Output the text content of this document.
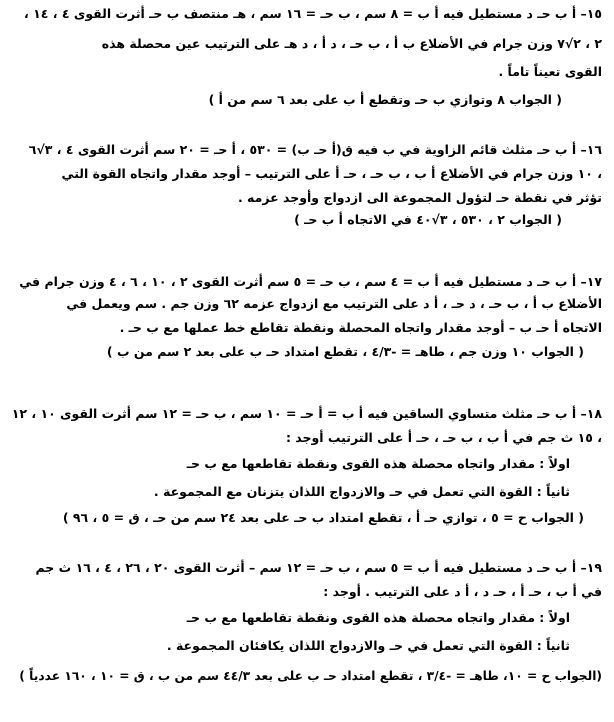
١٥– أ ب حـ د مستطيل فيه أ ب = ٨ سم ، ب حـ = ١٦ سم ، هـ منتصف ب حـ أثرت القوى ٤ ، ١٤ ،
٢ ، ٢√٧ وزن جرام في الأضلاع ب أ ، ب حـ ، د أ ، د هـ على الترتيب عين محصلة هذه
القوى تعيناً تاماً .
( الجواب ٨ وتوازي ب حـ وتقطع أ ب على بعد ٦ سم من أ )
١٦– أ ب حـ مثلث قائم الزاوية في ب فيه ق(أ حـ ب) = ٥٣٠ ، أ حـ = ٢٠ سم أثرت القوى ٤ ، ٣√٦
، ١٠ وزن جرام في الأضلاع أ ب ، ب حـ ، حـ أ على الترتيب – أوجد مقدار واتجاه القوة التي
تؤثر في نقطة حـ لتؤول المجموعة الى ازدواج وأوجد عزمه .
( الجواب ٢ ، ٥٣٠ ، ٣√٤٠ في الاتجاه أ ب حـ )
١٧– أ ب حـ د مستطيل فيه أ ب = ٤ سم ، ب حـ = ٥ سم أثرت القوى ٢ ، ١٠ ، ٦ ، ٤ وزن جرام في
الأضلاع ب أ ، ب حـ ، د حـ ، أ د على الترتيب مع ازدواج عزمه ٦٢ وزن جم . سم ويعمل في
الاتجاه أ حـ ب – أوجد مقدار واتجاه المحصلة ونقطة تقاطع خط عملها مع ب حـ .
( الجواب ١٠ وزن جم ، طاهـ = -٤/٣ ، تقطع امتداد حـ ب على بعد ٢ سم من ب )
١٨– أ ب حـ مثلث متساوي الساقين فيه أ ب = أ حـ = ١٠ سم ، ب حـ = ١٢ سم أثرت القوى ١٠ ، ١٢
، ١٥ ث جم في أ ب ، ب حـ ، حـ أ على الترتيب أوجد :
اولاً : مقدار واتجاه محصلة هذه القوى ونقطة تقاطعها مع ب حـ
ثانياً : القوة التي تعمل في حـ والازدواج اللذان يتزنان مع المجموعة .
( الجواب ح = ٥ ، توازي حـ أ ، تقطع امتداد ب حـ على بعد ٢٤ سم من حـ ، ق = ٥ ، ٩٦ )
١٩– أ ب حـ د مستطيل فيه أ ب = ٥ سم ، ب حـ = ١٢ سم – أثرت القوى ٢٠ ، ٢٦ ، ٤ ، ١٦ ث جم
في أ ب ، حـ أ ، حـ د ، أ د على الترتيب . أوجد :
اولاً : مقدار واتجاه محصلة هذه القوى ونقطة تقاطعها مع ب حـ
ثانياً : القوة التي تعمل في حـ والازدواج اللذان يكافئان المجموعة .
(الجواب ح = ١٠، طاهـ = -٣/٤ ، تقطع امتداد حـ ب على بعد ٤٤/٣ سم من ب ، ق = ١٠ ، ١٦٠ عددياً )
